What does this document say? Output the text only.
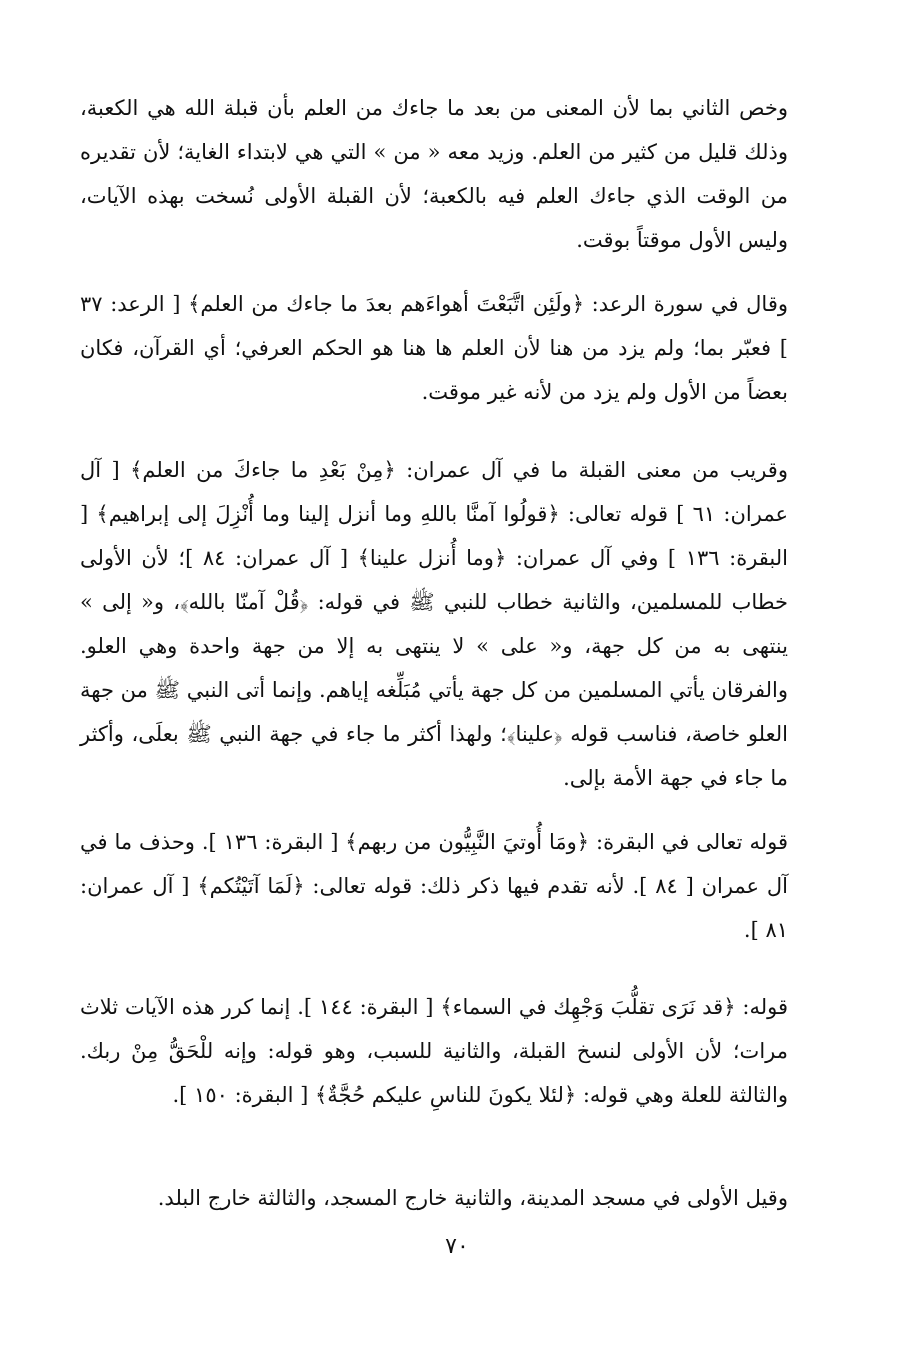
وخص الثاني بما لأن المعنى من بعد ما جاءك من العلم بأن قبلة الله هي الكعبة، وذلك قليل من كثير من العلم. وزيد معه « من » التي هي لابتداء الغاية؛ لأن تقديره من الوقت الذي جاءك العلم فيه بالكعبة؛ لأن القبلة الأولى نُسخت بهذه الآيات، وليس الأول موقتاً بوقت.

وقال في سورة الرعد: ﴿ولَئِن اتَّبَعْتَ أهواءَهم بعدَ ما جاءك من العلم﴾ [ الرعد: ٣٧ ] فعبّر بما؛ ولم يزد من هنا لأن العلم ها هنا هو الحكم العرفي؛ أي القرآن، فكان بعضاً من الأول ولم يزد من لأنه غير موقت.

وقريب من معنى القبلة ما في آل عمران: ﴿مِنْ بَعْدِ ما جاءكَ من العلم﴾ [ آل عمران: ٦١ ] قوله تعالى: ﴿قولُوا آمنَّا باللهِ وما أنزل إلينا وما أُنْزِلَ إلى إبراهيم﴾ [ البقرة: ١٣٦ ] وفي آل عمران: ﴿وما أُنزل علينا﴾ [ آل عمران: ٨٤ ]؛ لأن الأولى خطاب للمسلمين، والثانية خطاب للنبي ﷺ في قوله: ﴿قُلْ آمنّا بالله﴾، و« إلى » ينتهى به من كل جهة، و« على » لا ينتهى به إلا من جهة واحدة وهي العلو. والفرقان يأتي المسلمين من كل جهة يأتي مُبَلِّغه إياهم. وإنما أتى النبي ﷺ من جهة العلو خاصة، فناسب قوله ﴿علينا﴾؛ ولهذا أكثر ما جاء في جهة النبي ﷺ بعلَى، وأكثر ما جاء في جهة الأمة بإلى.

قوله تعالى في البقرة: ﴿ومَا أُوتيَ النَّبِيُّون من ربهم﴾ [ البقرة: ١٣٦ ]. وحذف ما في آل عمران [ ٨٤ ]. لأنه تقدم فيها ذكر ذلك: قوله تعالى: ﴿لَمَا آتَيْتُكم﴾ [ آل عمران: ٨١ ].

قوله: ﴿قد نَرَى تقلُّبَ وَجْهِك في السماء﴾ [ البقرة: ١٤٤ ]. إنما كرر هذه الآيات ثلاث مرات؛ لأن الأولى لنسخ القبلة، والثانية للسبب، وهو قوله: وإنه للْحَقُّ مِنْ ربك. والثالثة للعلة وهي قوله: ﴿لئلا يكونَ للناسِ عليكم حُجَّةٌ﴾ [ البقرة: ١٥٠ ].

وقيل الأولى في مسجد المدينة، والثانية خارج المسجد، والثالثة خارج البلد.

٧٠
